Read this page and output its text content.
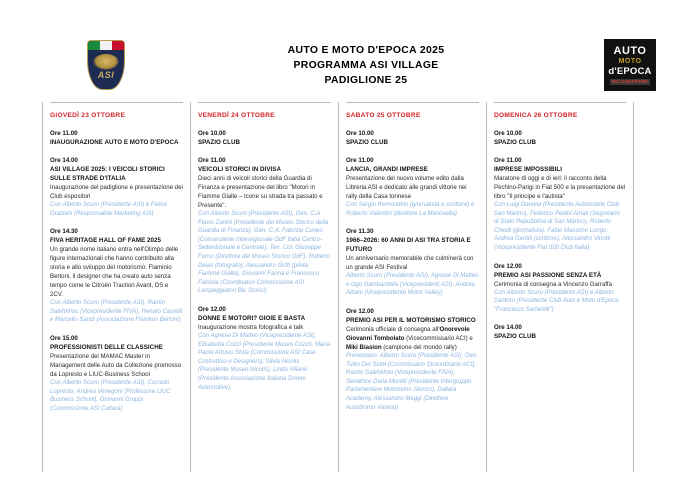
ASI
AUTO E MOTO D'EPOCA 2025
PROGRAMMA ASI VILLAGE
PADIGLIONE 25
AUTO
MOTO
d'EPOCA
BOLOGNAFIERE
GIOVEDÌ 23 OTTOBRE
Ore 11.00
INAUGURAZIONE AUTO E MOTO D'EPOCA
Ore 14.00
ASI VILLAGE 2025: I VEICOLI STORICI SULLE STRADE D'ITALIA
Inaugurazione del padiglione e presentazione dei Club espositori
Con Alberto Scuro (Presidente ASI) e Felice Graziani (Responsabile Marketing ASI)
Ore 14.30
FIVA HERITAGE HALL OF FAME 2025
Un grande nome italiano entra nell'Olimpo delle figure internazionali che hanno contribuito alla storia e allo sviluppo del motorismo: Flaminio Bertoni, il designer che ha creato auto senza tempo come le Citroën Traction Avant, DS e 2CV.
Con Alberto Scuro (Presidente ASI), Ramin Salehkhou (Vicepresidente FIVA), Renato Castelli e Marcello Sandi (Associazione Flaminio Bertoni)
Ore 15.00
PROFESSIONISTI DELLE CLASSICHE
Presentazione del MAMAC Master in Management delle Auto da Collezione promosso da Lopresto e LIUC-Business School
Con Alberto Scuro (Presidente ASI), Corrado Lopresto, Andrea Venegoni (Professore LIUC Business School), Giovanni Groppi (Commissione ASI Cultura)
VENERDÌ 24 OTTOBRE
Ore 10.00
SPAZIO CLUB
Ore 11.00
VEICOLI STORICI IN DIVISA
Dieci anni di veicoli storici della Guardia di Finanza e presentazione del libro "Motori in Fiamme Gialle – Icone su strada tra passato e Presente".
Con Alberto Scuro (Presidente ASI), Gen. C.A. Flavio Zanini (Presidente del Museo Storico della Guardia di Finanza), Gen. C.A. Fabrizio Cuneo (Comandante Interregionale GdF Italia Centro-Settentrionale e Centrale), Ten. Col. Giuseppe Furno (Direttore del Museo Storico GdF), Roberto Deias (fotografo), Alessandro Gritti (pilota Fiamme Gialle), Giovanni Fanna e Francesco Falciola (Coordinatori Commissione ASI Lampeggiatori Blu Storici)
Ore 12.00
DONNE E MOTORI? GIOIE E BASTA
Inaugurazione mostra fotografica e talk
Con Agnese Di Matteo (Vicepresidente ASI), Elisabetta Cozzi (Presidente Museo Cozzi), Maria Paola Artusio Stola (Commissione ASI Case Costruttrici e Designers), Silvia Nicolis (Presidente Museo Nicolis), Linda Villano (Presidente Associazione Italiana Donne Automotive)
SABATO 25 OTTOBRE
Ore 10.00
SPAZIO CLUB
Ore 11.00
LANCIA, GRANDI IMPRESE
Presentazione del nuovo volume edito dalla Libreria ASI e dedicato alle grandi vittorie nei rally della Casa torinese
Con Sergio Remondino (giornalista e scrittore) e Roberto Valentini (direttore La Manovella)
Ore 11.30
1966–2026: 60 ANNI DI ASI TRA STORIA E FUTURO
Un anniversario memorabile che culminerà con un grande ASI Festival
Alberto Scuro (Presidente ASI), Agnese Di Matteo e Ugo Gambardella (Vicepresidenti ASI), Andrea Albani (Vicepresidente Motor Valley)
Ore 12.00
PREMIO ASI PER IL MOTORISMO STORICO
Cerimonia ufficiale di consegna all'Onorevole Giovanni Tombolato (Vicecommissario ACI) e Miki Biasion (campione del mondo rally)
Presentano: Alberto Scuro (Presidente ASI), Gen. Tullio Del Sette (Commissario Straordinario ACI), Ramin Salehkhou (Vicepresidente FIVA), Senatrice Daria Murelli (Presidente Intergruppo Parlamentare Motorismo Storico), Dallara Academy, Alessandro Maggi (Direttore Autodromo Varano)
DOMENICA 26 OTTOBRE
Ore 10.00
SPAZIO CLUB
Ore 11.00
IMPRESE IMPOSSIBILI
Maratone di oggi e di ieri: il racconto della Pechino-Parigi in Fiat 500 e la presentazione del libro "Il principe e l'autista"
Con Luigi Daniela (Presidente Automobile Club San Marino), Federico Pedini Amati (Segretario di Stato Repubblica di San Marino), Roberto Chiodi (giornalista), Fabio Massimo Longo, Andrea Gentili (scrittore), Alessandro Vinotti (Vicepresidente Fiat 500 Club Italia)
Ore 12.00
PREMIO ASI PASSIONE SENZA ETÀ
Cerimonia di consegna a Vincenzo Garraffa
Con Alberto Scuro (Presidente ASI) e Alberto Santoro (Presidente Club Auto e Moto d'Epoca "Francesco Sartarelli")
Ore 14.00
SPAZIO CLUB
